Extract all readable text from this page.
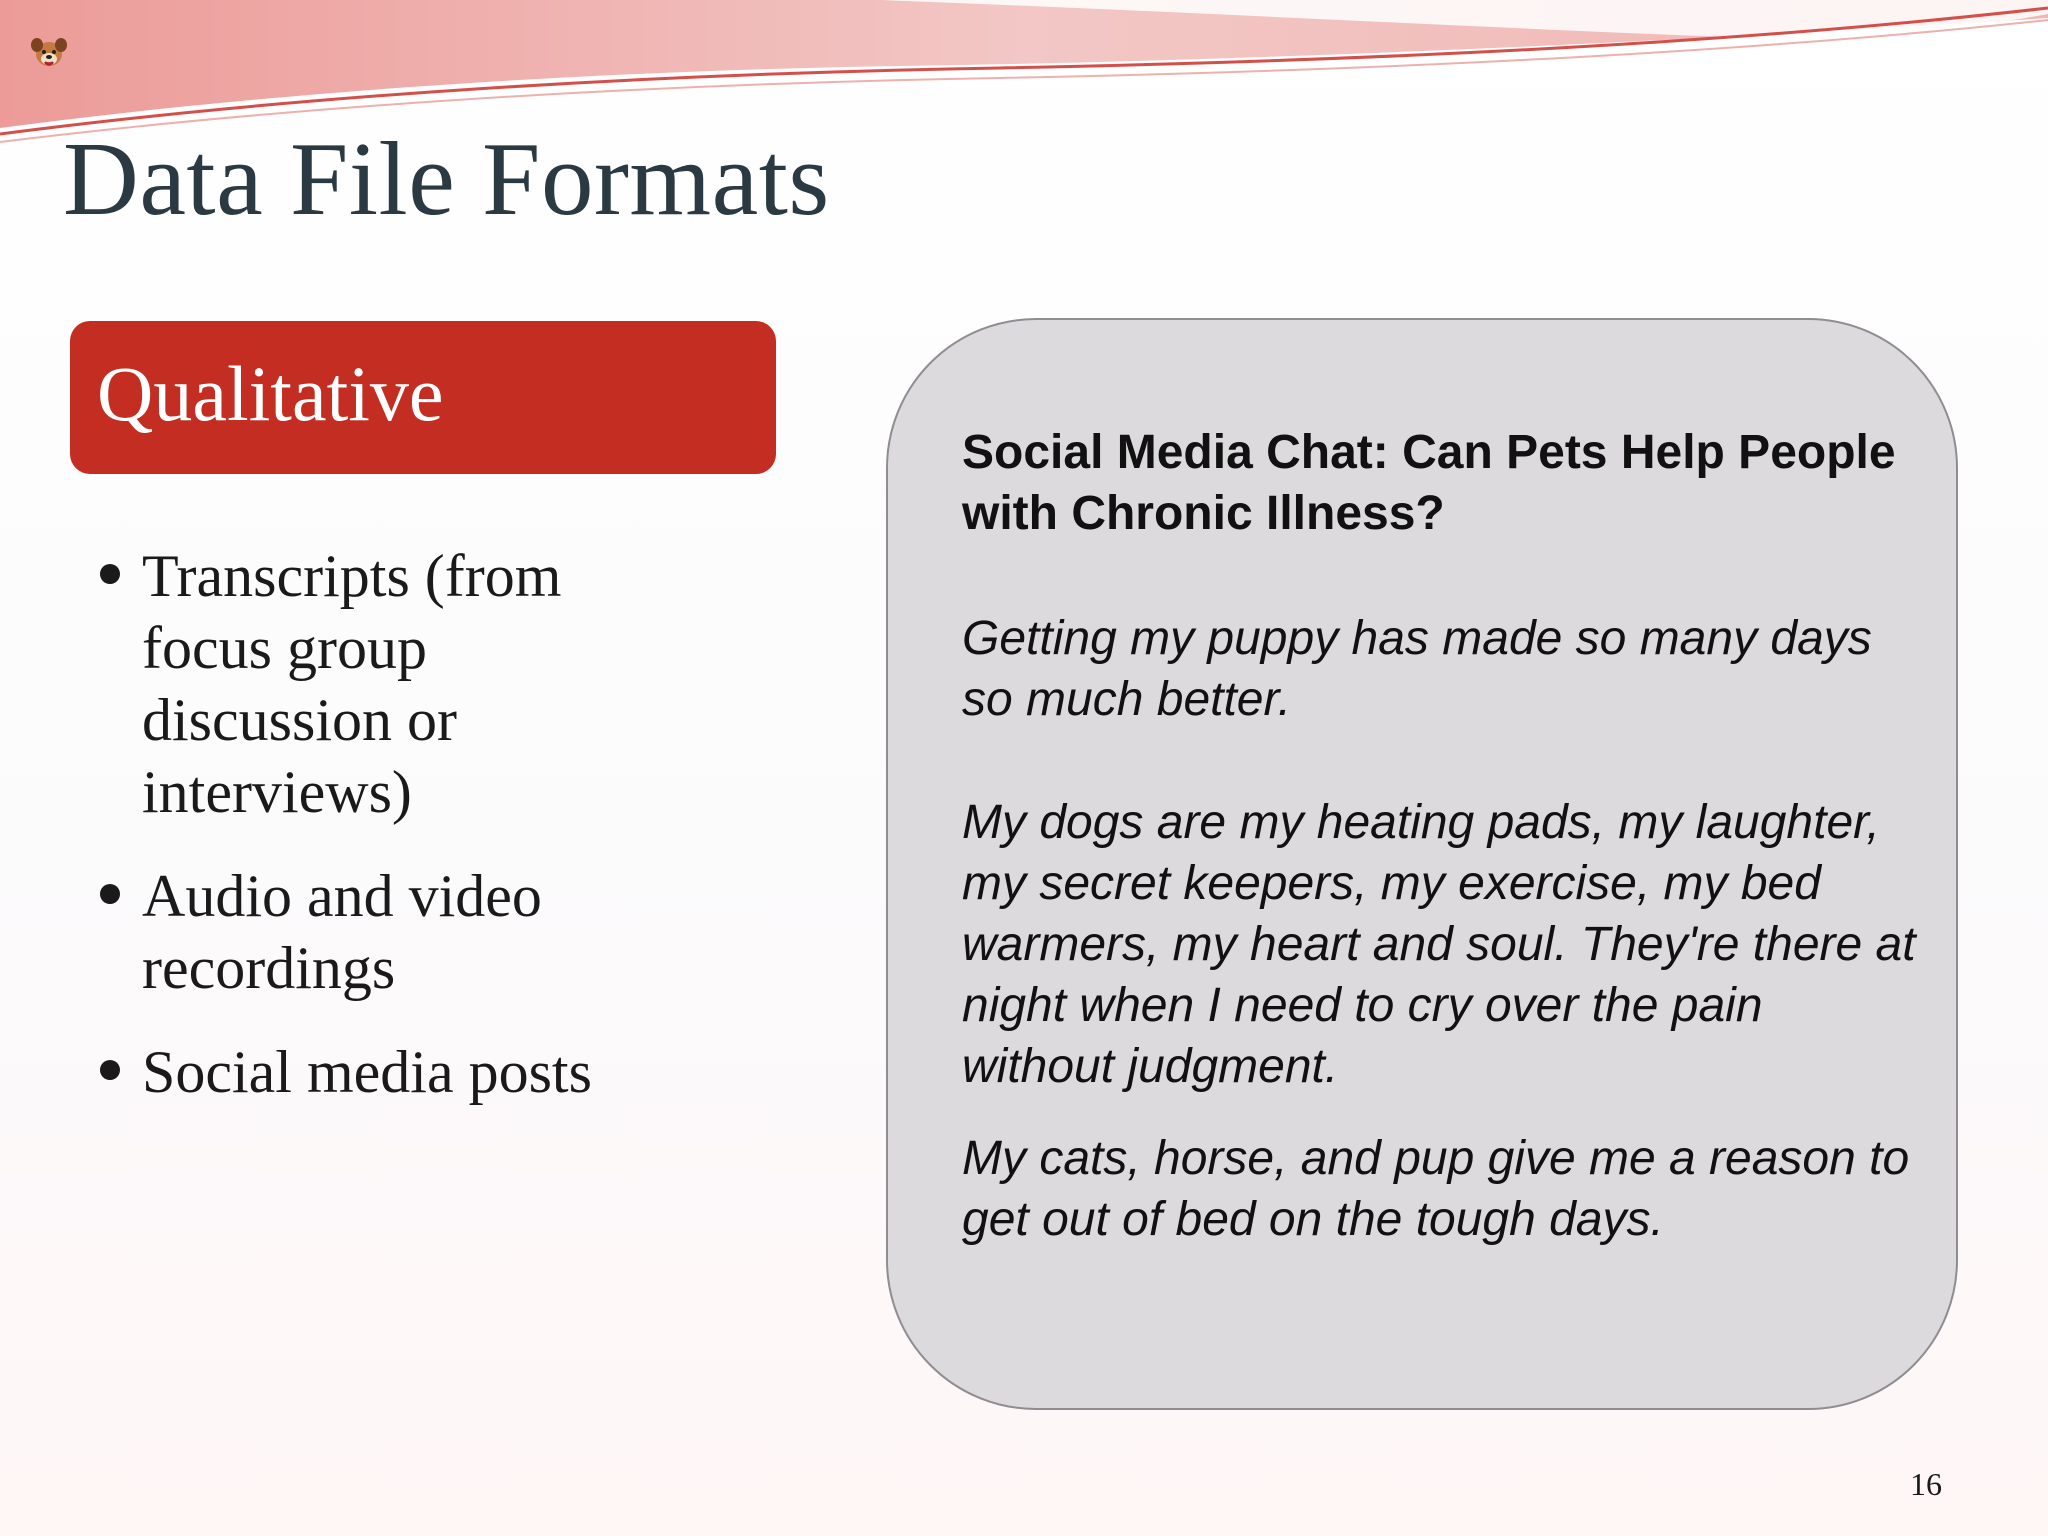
Data File Formats
Qualitative
Transcripts (from focus group discussion or interviews)
Audio and video recordings
Social media posts

Social Media Chat: Can Pets Help People with Chronic Illness?

Getting my puppy has made so many days so much better.

My dogs are my heating pads, my laughter, my secret keepers, my exercise, my bed warmers, my heart and soul. They're there at night when I need to cry over the pain without judgment.

My cats, horse, and pup give me a reason to get out of bed on the tough days.

16
